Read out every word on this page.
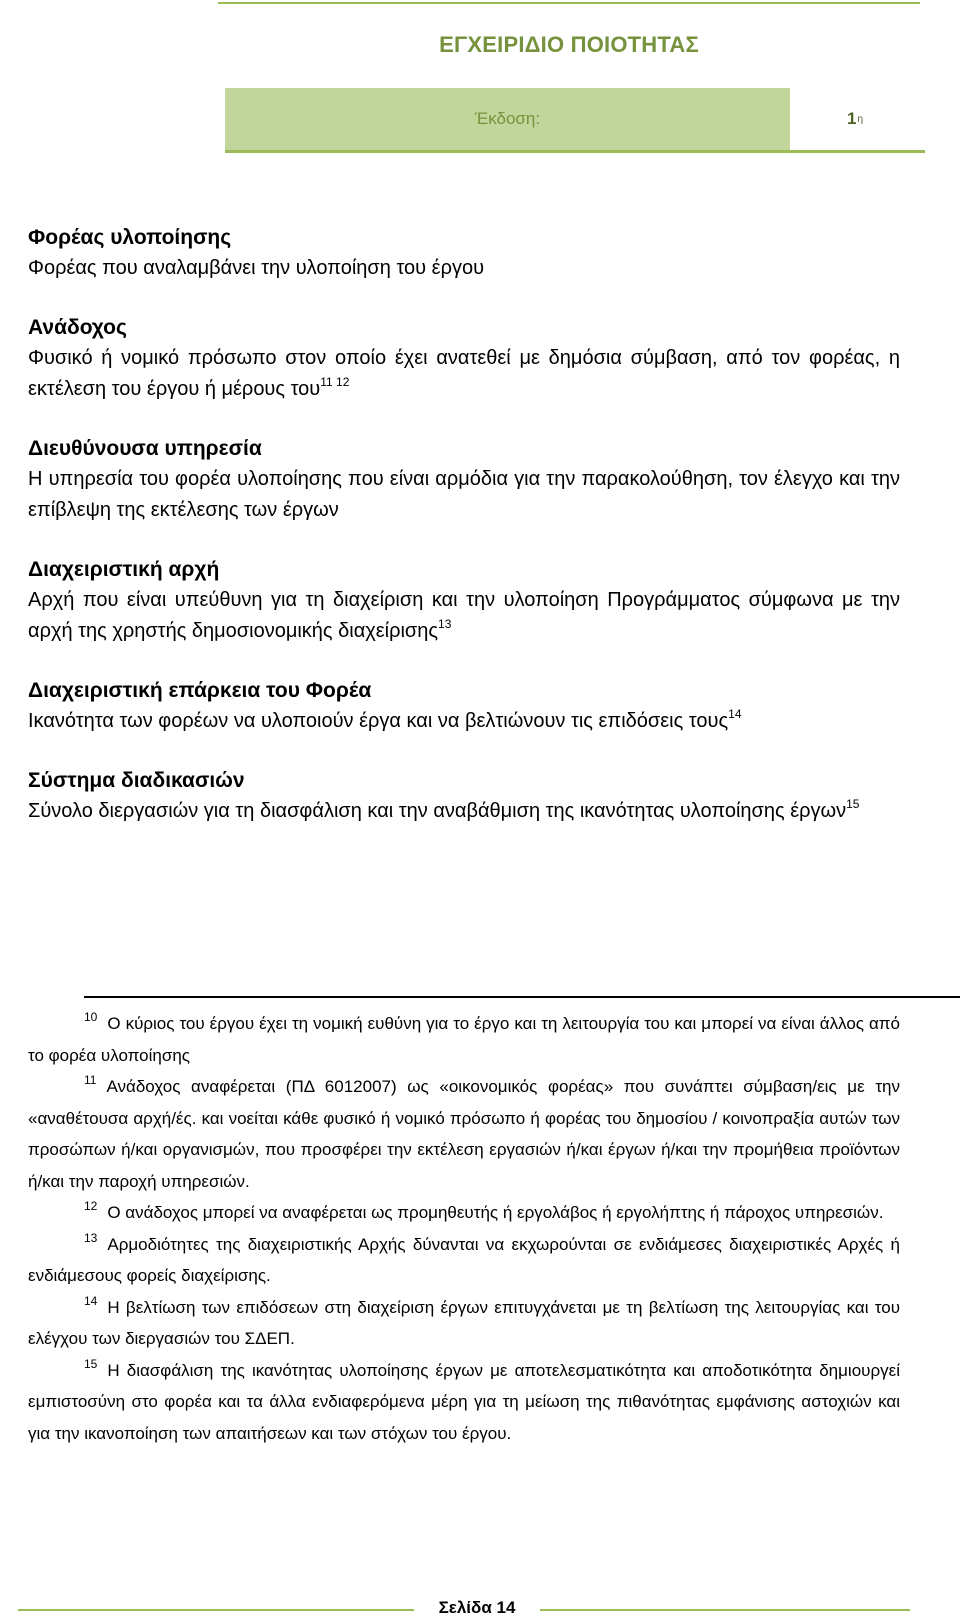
ΕΓΧΕΙΡΙΔΙΟ ΠΟΙΟΤΗΤΑΣ
Έκδοση:	1 η
Φορέας υλοποίησης
Φορέας που αναλαμβάνει την υλοποίηση του έργου
Ανάδοχος
Φυσικό ή νομικό πρόσωπο στον οποίο έχει ανατεθεί με δημόσια σύμβαση, από τον φορέας, η εκτέλεση του έργου ή μέρους του$^{11 12}$
Διευθύνουσα υπηρεσία
Η υπηρεσία του φορέα υλοποίησης που είναι αρμόδια για την παρακολούθηση, τον έλεγχο και την επίβλεψη της εκτέλεσης των έργων
Διαχειριστική αρχή
Αρχή που είναι υπεύθυνη για τη διαχείριση και την υλοποίηση Προγράμματος σύμφωνα με την αρχή της χρηστής δημοσιονομικής διαχείρισης$^{13}$
Διαχειριστική επάρκεια του Φορέα
Ικανότητα των φορέων να υλοποιούν έργα και να βελτιώνουν τις επιδόσεις τους$^{14}$
Σύστημα διαδικασιών
Σύνολο διεργασιών για τη διασφάλιση και την αναβάθμιση της ικανότητας υλοποίησης έργων$^{15}$

$^{10}$ Ο κύριος του έργου έχει τη νομική ευθύνη για το έργο και τη λειτουργία του και μπορεί να είναι άλλος από το φορέα υλοποίησης

$^{11}$ Ανάδοχος αναφέρεται (ΠΔ 6012007) ως «οικονομικός φορέας» που συνάπτει σύμβαση/εις με την «αναθέτουσα αρχή/ές. και νοείται κάθε φυσικό ή νομικό πρόσωπο ή φορέας του δημοσίου / κοινοπραξία αυτών των προσώπων ή/και οργανισμών, που προσφέρει την εκτέλεση εργασιών ή/και έργων ή/και την προμήθεια προϊόντων ή/και την παροχή υπηρεσιών.

$^{12}$ Ο ανάδοχος μπορεί να αναφέρεται ως προμηθευτής ή εργολάβος ή εργολήπτης ή πάροχος υπηρεσιών.

$^{13}$ Αρμοδιότητες της διαχειριστικής Αρχής δύνανται να εκχωρούνται σε ενδιάμεσες διαχειριστικές Αρχές ή ενδιάμεσους φορείς διαχείρισης.

$^{14}$ Η βελτίωση των επιδόσεων στη διαχείριση έργων επιτυγχάνεται με τη βελτίωση της λειτουργίας και του ελέγχου των διεργασιών του ΣΔΕΠ.

$^{15}$ Η διασφάλιση της ικανότητας υλοποίησης έργων με αποτελεσματικότητα και αποδοτικότητα δημιουργεί εμπιστοσύνη στο φορέα και τα άλλα ενδιαφερόμενα μέρη για τη μείωση της πιθανότητας εμφάνισης αστοχιών και για την ικανοποίηση των απαιτήσεων και των στόχων του έργου.

Σελίδα 14
